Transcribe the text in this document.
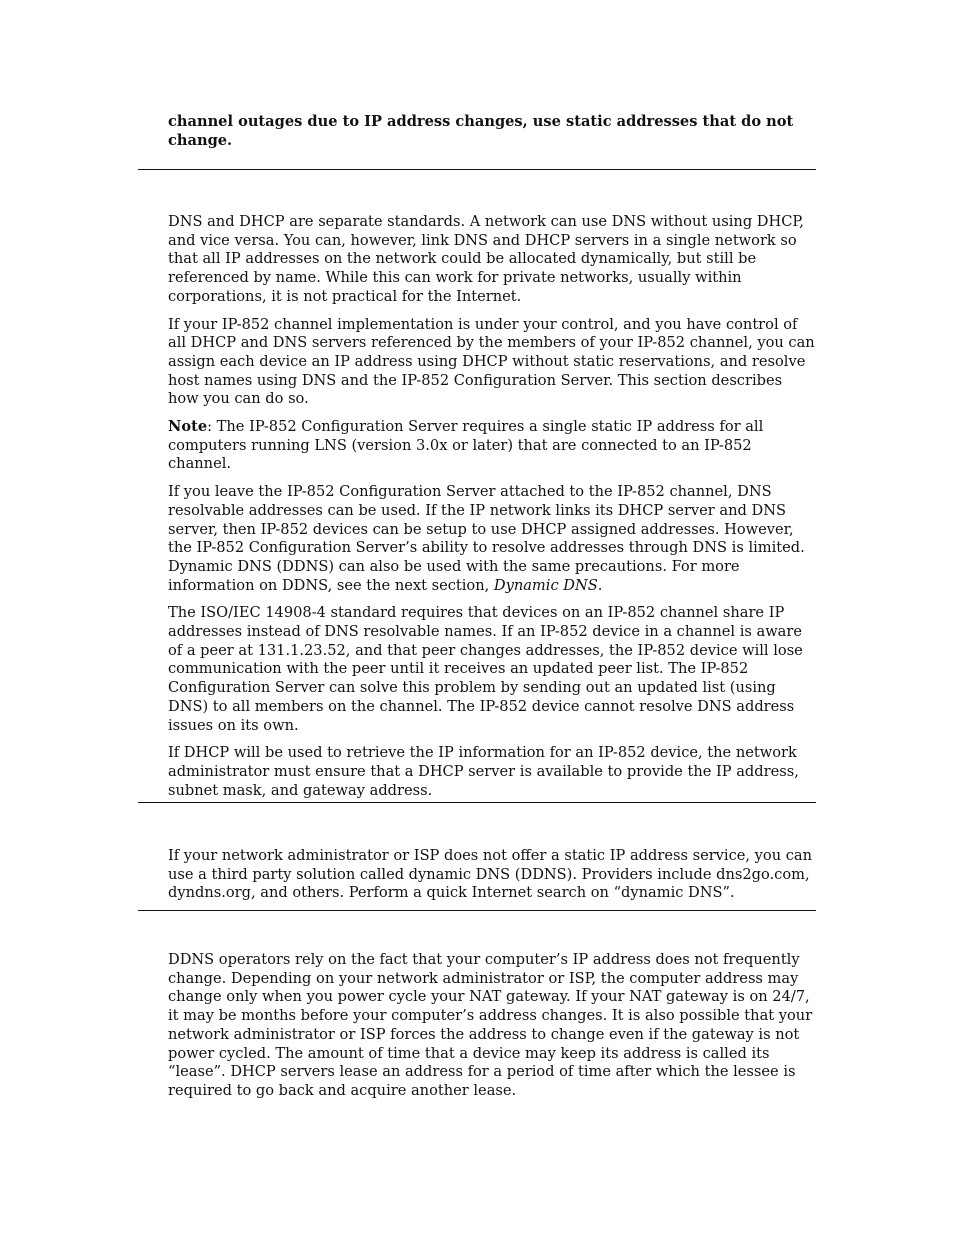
channel outages due to IP address changes, use static addresses that do not change.

DNS and DHCP are separate standards. A network can use DNS without using DHCP, and vice versa. You can, however, link DNS and DHCP servers in a single network so that all IP addresses on the network could be allocated dynamically, but still be referenced by name. While this can work for private networks, usually within corporations, it is not practical for the Internet.

If your IP-852 channel implementation is under your control, and you have control of all DHCP and DNS servers referenced by the members of your IP-852 channel, you can assign each device an IP address using DHCP without static reservations, and resolve host names using DNS and the IP-852 Configuration Server. This section describes how you can do so.

Note: The IP-852 Configuration Server requires a single static IP address for all computers running LNS (version 3.0x or later) that are connected to an IP-852 channel.

If you leave the IP-852 Configuration Server attached to the IP-852 channel, DNS resolvable addresses can be used. If the IP network links its DHCP server and DNS server, then IP-852 devices can be setup to use DHCP assigned addresses. However, the IP-852 Configuration Server’s ability to resolve addresses through DNS is limited. Dynamic DNS (DDNS) can also be used with the same precautions. For more information on DDNS, see the next section, Dynamic DNS.

The ISO/IEC 14908-4 standard requires that devices on an IP-852 channel share IP addresses instead of DNS resolvable names. If an IP-852 device in a channel is aware of a peer at 131.1.23.52, and that peer changes addresses, the IP-852 device will lose communication with the peer until it receives an updated peer list. The IP-852 Configuration Server can solve this problem by sending out an updated list (using DNS) to all members on the channel. The IP-852 device cannot resolve DNS address issues on its own.

If DHCP will be used to retrieve the IP information for an IP-852 device, the network administrator must ensure that a DHCP server is available to provide the IP address, subnet mask, and gateway address.

If your network administrator or ISP does not offer a static IP address service, you can use a third party solution called dynamic DNS (DDNS). Providers include dns2go.com, dyndns.org, and others. Perform a quick Internet search on “dynamic DNS”.

DDNS operators rely on the fact that your computer’s IP address does not frequently change. Depending on your network administrator or ISP, the computer address may change only when you power cycle your NAT gateway. If your NAT gateway is on 24/7, it may be months before your computer’s address changes. It is also possible that your network administrator or ISP forces the address to change even if the gateway is not power cycled. The amount of time that a device may keep its address is called its “lease”. DHCP servers lease an address for a period of time after which the lessee is required to go back and acquire another lease.
